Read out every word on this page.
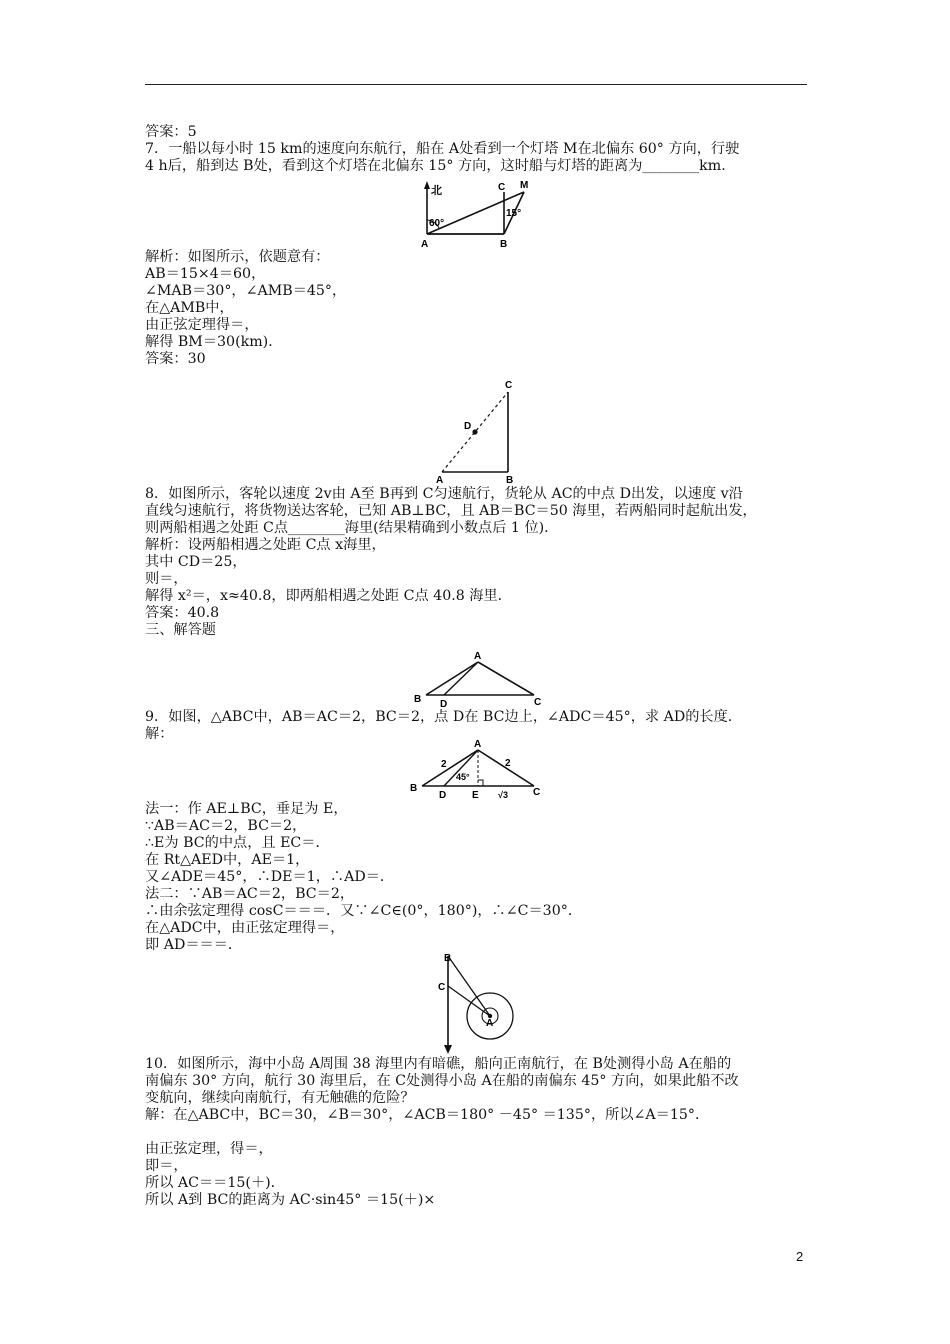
答案：5
7．一船以每小时 15 km的速度向东航行，船在 A处看到一个灯塔 M在北偏东 60° 方向，行驶
4 h后，船到达 B处，看到这个灯塔在北偏东 15° 方向，这时船与灯塔的距离为________km.
北
60°
15°
A	B
C M
解析：如图所示，依题意有：
AB＝15×4＝60，
∠MAB＝30°，∠AMB＝45°，
在△AMB中，
由正弦定理得＝，
解得 BM＝30(km)．
答案：30
D
A	B
C
8．如图所示，客轮以速度 2v由 A至 B再到 C匀速航行，货轮从 AC的中点 D出发，以速度 v沿
直线匀速航行，将货物送达客轮，已知 AB⊥BC，且 AB＝BC＝50 海里，若两船同时起航出发，
则两船相遇之处距 C点________海里(结果精确到小数点后 1 位)．
解析：设两船相遇之处距 C点 x海里，
其中 CD＝25，
则＝，
解得 x²＝，x≈40.8，即两船相遇之处距 C点 40.8 海里．
答案：40.8
三、解答题
A
B D	C
9．如图，△ABC中，AB＝AC＝2，BC＝2，点 D在 BC边上，∠ADC＝45°，求 AD的长度．
解：
A
B
D	E	C
2	2
45°
√3
法一：作 AE⊥BC，垂足为 E，
∵AB＝AC＝2，BC＝2，
∴E为 BC的中点，且 EC＝．
在 Rt△AED中，AE＝1，
又∠ADE＝45°，∴DE＝1，∴AD＝．
法二：∵AB＝AC＝2，BC＝2，
∴由余弦定理得 cosC＝＝＝．又∵∠C∈(0°，180°)，∴∠C＝30°．
在△ADC中，由正弦定理得＝，
即 AD＝＝＝．
B
C
A
10．如图所示，海中小岛 A周围 38 海里内有暗礁，船向正南航行，在 B处测得小岛 A在船的
南偏东 30° 方向，航行 30 海里后，在 C处测得小岛 A在船的南偏东 45° 方向，如果此船不改
变航向，继续向南航行，有无触礁的危险？
解：在△ABC中，BC＝30，∠B＝30°，∠ACB＝180° －45° ＝135°，所以∠A＝15°．
由正弦定理，得＝，
即＝，
所以 AC＝＝15(＋)．
所以 A到 BC的距离为 AC·sin45° ＝15(＋)×
2
